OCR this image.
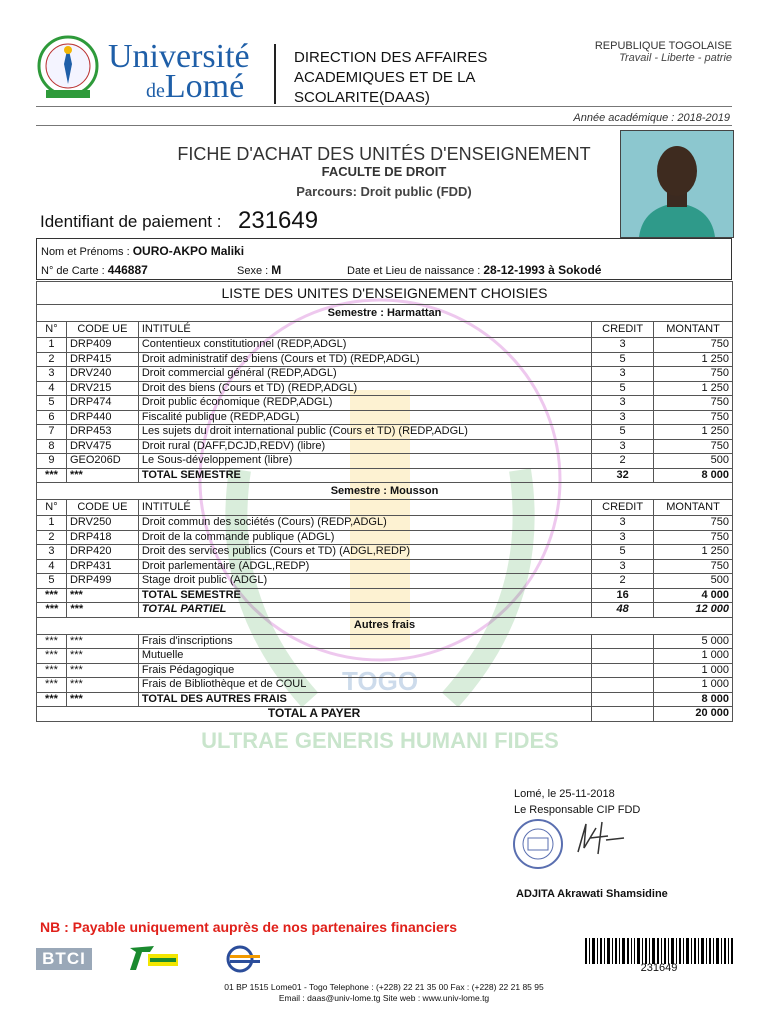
Université
deLomé
DIRECTION DES AFFAIRES ACADEMIQUES ET DE LA SCOLARITE(DAAS)
REPUBLIQUE TOGOLAISE
Travail - Liberte - patrie
Année académique : 2018-2019
FICHE D'ACHAT DES UNITÉS D'ENSEIGNEMENT
FACULTE DE DROIT
Parcours: Droit public (FDD)
Identifiant de paiement : 231649
Nom et Prénoms : OURO-AKPO Maliki
N° de Carte : 446887	Sexe : M	Date et Lieu de naissance : 28-12-1993 à Sokodé
TOGO
ULTRAE GENERIS HUMANI FIDES
LISTE DES UNITES D'ENSEIGNEMENT CHOISIES				
Semestre : Harmattan				
N°	CODE UE	INTITULÉ	CREDIT	MONTANT
1	DRP409	Contentieux constitutionnel (REDP,ADGL)	3	750
2	DRP415	Droit administratif des biens (Cours et TD) (REDP,ADGL)	5	1 250
3	DRV240	Droit commercial général (REDP,ADGL)	3	750
4	DRV215	Droit des biens (Cours et TD) (REDP,ADGL)	5	1 250
5	DRP474	Droit public économique (REDP,ADGL)	3	750
6	DRP440	Fiscalité publique (REDP,ADGL)	3	750
7	DRP453	Les sujets du droit international public (Cours et TD) (REDP,ADGL)	5	1 250
8	DRV475	Droit rural (DAFF,DCJD,REDV) (libre)	3	750
9	GEO206D	Le Sous-développement (libre)	2	500
***	***	TOTAL SEMESTRE	32	8 000
Semestre : Mousson				
N°	CODE UE	INTITULÉ	CREDIT	MONTANT
1	DRV250	Droit commun des sociétés (Cours) (REDP,ADGL)	3	750
2	DRP418	Droit de la commande publique (ADGL)	3	750
3	DRP420	Droit des services publics (Cours et TD) (ADGL,REDP)	5	1 250
4	DRP431	Droit parlementaire (ADGL,REDP)	3	750
5	DRP499	Stage droit public (ADGL)	2	500
***	***	TOTAL SEMESTRE	16	4 000
***	***	TOTAL PARTIEL	48	12 000
Autres frais				
***	***	Frais d'inscriptions		5 000
***	***	Mutuelle		1 000
***	***	Frais Pédagogique		1 000
***	***	Frais de Bibliothèque et de COUL		1 000
***	***	TOTAL DES AUTRES FRAIS		8 000
TOTAL A PAYER				20 000
Lomé, le 25-11-2018
Le Responsable CIP FDD
ADJITA Akrawati Shamsidine
NB : Payable uniquement auprès de nos partenaires financiers
BTCI	231649
01 BP 1515 Lome01 - Togo Telephone : (+228) 22 21 35 00 Fax : (+228) 22 21 85 95
Email : daas@univ-lome.tg Site web : www.univ-lome.tg
